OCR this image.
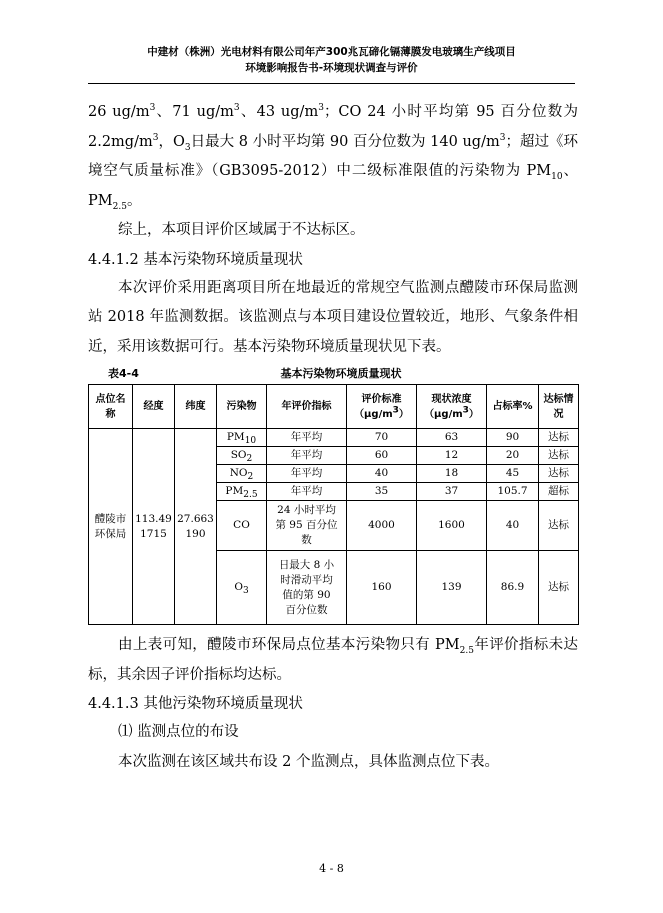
中建材（株洲）光电材料有限公司年产300兆瓦碲化镉薄膜发电玻璃生产线项目
环境影响报告书-环境现状调查与评价

26 $ug/m^3$、71 $ug/m^3$、43 $ug/m^3$；CO 24 小时平均第 95 百分位数为 $2.2mg/m^3$，$O_3$日最大 8 小时平均第 90 百分位数为 140 $ug/m^3$；超过《环境空气质量标准》（GB3095-2012）中二级标准限值的污染物为 $PM_{10}$、$PM_{2.5}$。

综上，本项目评价区域属于不达标区。

4.4.1.2 基本污染物环境质量现状

本次评价采用距离项目所在地最近的常规空气监测点醴陵市环保局监测站 2018 年监测数据。该监测点与本项目建设位置较近，地形、气象条件相近，采用该数据可行。基本污染物环境质量现状见下表。

表4-4	基本污染物环境质量现状
点位名称	经度	纬度	污染物	年评价指标	评价标准$(\mu g/m^3)$	现状浓度$(\mu g/m^3)$	占标率%	达标情况
醴陵市环保局	113.491715	27.663190	$PM_{10}$	年平均	70	63	90	达标
			$SO_2$	年平均	60	12	20	达标
			$NO_2$	年平均	40	18	45	达标
			$PM_{2.5}$	年平均	35	37	105.7	超标
			CO	24 小时平均第 95 百分位数	4000	1600	40	达标
			$O_3$	日最大 8 小时滑动平均值的第 90 百分位数	160	139	86.9	达标

由上表可知，醴陵市环保局点位基本污染物只有 $PM_{2.5}$年评价指标未达标，其余因子评价指标均达标。

4.4.1.3 其他污染物环境质量现状

⑴ 监测点位的布设

本次监测在该区域共布设 2 个监测点，具体监测点位下表。

4 - 8
